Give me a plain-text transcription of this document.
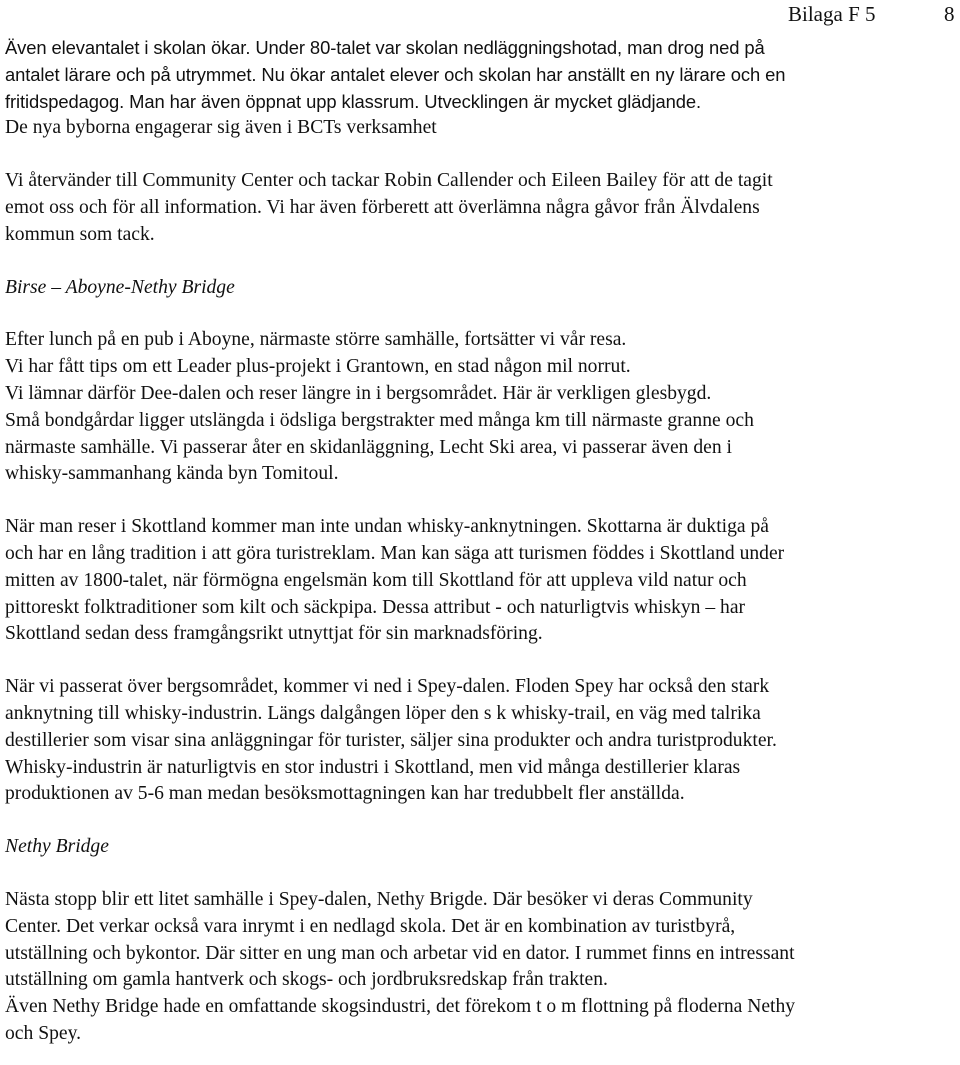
Bilaga F 5	8

Även elevantalet i skolan ökar. Under 80-talet var skolan nedläggningshotad, man drog ned på
antalet lärare och på utrymmet. Nu ökar antalet elever och skolan har anställt en ny lärare och en
fritidspedagog. Man har även öppnat upp klassrum. Utvecklingen är mycket glädjande.

De nya byborna engagerar sig även i BCTs verksamhet

Vi återvänder till Community Center och tackar Robin Callender och Eileen Bailey för att de tagit
emot oss och för all information. Vi har även förberett att överlämna några gåvor från Älvdalens
kommun som tack.

Birse – Aboyne-Nethy Bridge

Efter lunch på en pub i Aboyne, närmaste större samhälle, fortsätter vi vår resa.
Vi har fått tips om ett Leader plus-projekt i Grantown, en stad någon mil norrut.
Vi lämnar därför Dee-dalen och reser längre in i bergsområdet. Här är verkligen glesbygd.
Små bondgårdar ligger utslängda i ödsliga bergstrakter med många km till närmaste granne och
närmaste samhälle. Vi passerar åter en skidanläggning, Lecht Ski area, vi passerar även den i
whisky-sammanhang kända byn Tomitoul.

När man reser i Skottland kommer man inte undan whisky-anknytningen. Skottarna är duktiga på
och har en lång tradition i att göra turistreklam. Man kan säga att turismen föddes i Skottland under
mitten av 1800-talet, när förmögna engelsmän kom till Skottland för att uppleva vild natur och
pittoreskt folktraditioner som kilt och säckpipa. Dessa attribut - och naturligtvis whiskyn – har
Skottland sedan dess framgångsrikt utnyttjat för sin marknadsföring.

När vi passerat över bergsområdet, kommer vi ned i Spey-dalen. Floden Spey har också den stark
anknytning till whisky-industrin. Längs dalgången löper den s k whisky-trail, en väg med talrika
destillerier som visar sina anläggningar för turister, säljer sina produkter och andra turistprodukter.
Whisky-industrin är naturligtvis en stor industri i Skottland, men vid många destillerier klaras
produktionen av 5-6 man medan besöksmottagningen kan har tredubbelt fler anställda.

Nethy Bridge

Nästa stopp blir ett litet samhälle i Spey-dalen, Nethy Brigde. Där besöker vi deras Community
Center. Det verkar också vara inrymt i en nedlagd skola. Det är en kombination av turistbyrå,
utställning och bykontor. Där sitter en ung man och arbetar vid en dator. I rummet finns en intressant
utställning om gamla hantverk och skogs- och jordbruksredskap från trakten.
Även Nethy Bridge hade en omfattande skogsindustri, det förekom t o m flottning på floderna Nethy
och Spey.
